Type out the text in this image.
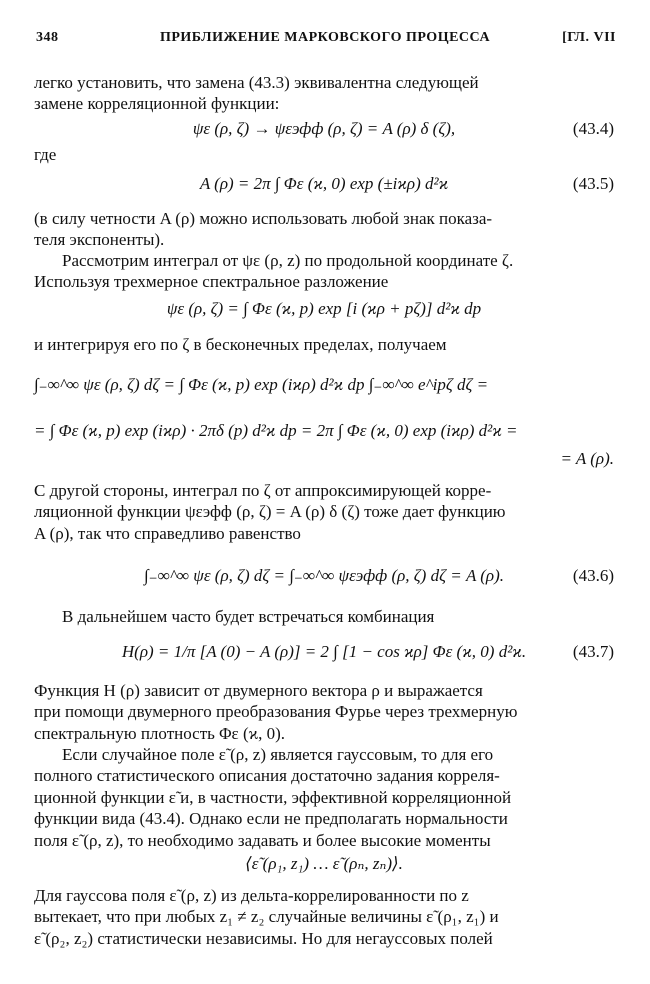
348	ПРИБЛИЖЕНИЕ МАРКОВСКОГО ПРОЦЕССА	[ГЛ. VII
легко установить, что замена (43.3) эквивалентна следующей
замене корреляционной функции:
ψε (ρ, ζ) → ψεэфф (ρ, ζ) = A (ρ) δ (ζ),	(43.4)
где
A (ρ) = 2π ∫ Φε (ϰ, 0) exp (±iϰρ) d²ϰ	(43.5)
(в силу четности A (ρ) можно использовать любой знак показа-
теля экспоненты).
Рассмотрим интеграл от ψε (ρ, z) по продольной координате ζ.
Используя трехмерное спектральное разложение
ψε (ρ, ζ) = ∫ Φε (ϰ, p) exp [i (ϰρ + pζ)] d²ϰ dp
и интегрируя его по ζ в бесконечных пределах, получаем
∫₋∞^∞ ψε (ρ, ζ) dζ = ∫ Φε (ϰ, p) exp (iϰρ) d²ϰ dp ∫₋∞^∞ e^ipζ dζ =
= ∫ Φε (ϰ, p) exp (iϰρ) · 2πδ (p) d²ϰ dp = 2π ∫ Φε (ϰ, 0) exp (iϰρ) d²ϰ =
= A (ρ).
С другой стороны, интеграл по ζ от аппроксимирующей корре-
ляционной функции ψεэфф (ρ, ζ) = A (ρ) δ (ζ) тоже дает функцию
A (ρ), так что справедливо равенство
∫₋∞^∞ ψε (ρ, ζ) dζ = ∫₋∞^∞ ψεэфф (ρ, ζ) dζ = A (ρ).	(43.6)
В дальнейшем часто будет встречаться комбинация
H(ρ) = 1/π [A (0) − A (ρ)] = 2 ∫ [1 − cos ϰρ] Φε (ϰ, 0) d²ϰ.	(43.7)
Функция H (ρ) зависит от двумерного вектора ρ и выражается
при помощи двумерного преобразования Фурье через трехмерную
спектральную плотность Φε (ϰ, 0).
Если случайное поле ε̃ (ρ, z) является гауссовым, то для его
полного статистического описания достаточно задания корреля-
ционной функции ε̃ и, в частности, эффективной корреляционной
функции вида (43.4). Однако если не предполагать нормальности
поля ε̃ (ρ, z), то необходимо задавать и более высокие моменты
⟨ε̃ (ρ₁, z₁) … ε̃ (ρₙ, zₙ)⟩.
Для гауссова поля ε̃ (ρ, z) из дельта-коррелированности по z
вытекает, что при любых z₁ ≠ z₂ случайные величины ε̃ (ρ₁, z₁) и
ε̃ (ρ₂, z₂) статистически независимы. Но для негауссовых полей
